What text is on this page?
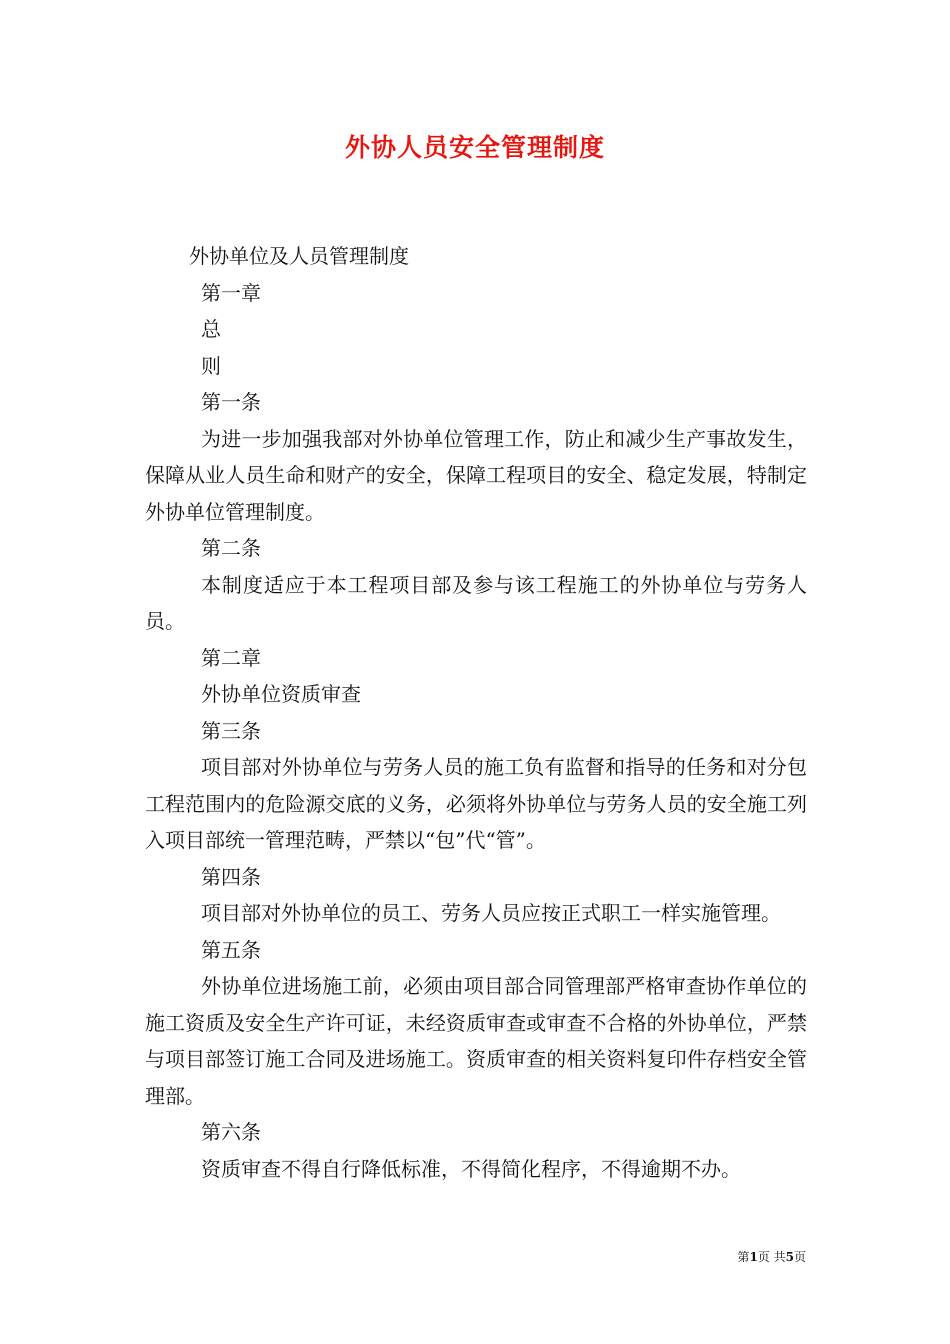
外协人员安全管理制度

外协单位及人员管理制度

第一章

总

则

第一条

为进一步加强我部对外协单位管理工作，防止和减少生产事故发生，保障从业人员生命和财产的安全，保障工程项目的安全、稳定发展，特制定外协单位管理制度。

第二条

本制度适应于本工程项目部及参与该工程施工的外协单位与劳务人员。

第二章

外协单位资质审查

第三条

项目部对外协单位与劳务人员的施工负有监督和指导的任务和对分包工程范围内的危险源交底的义务，必须将外协单位与劳务人员的安全施工列入项目部统一管理范畴，严禁以“包”代“管”。

第四条

项目部对外协单位的员工、劳务人员应按正式职工一样实施管理。

第五条

外协单位进场施工前，必须由项目部合同管理部严格审查协作单位的施工资质及安全生产许可证，未经资质审查或审查不合格的外协单位，严禁与项目部签订施工合同及进场施工。资质审查的相关资料复印件存档安全管理部。

第六条

资质审查不得自行降低标准，不得简化程序，不得逾期不办。

第1页 共5页
